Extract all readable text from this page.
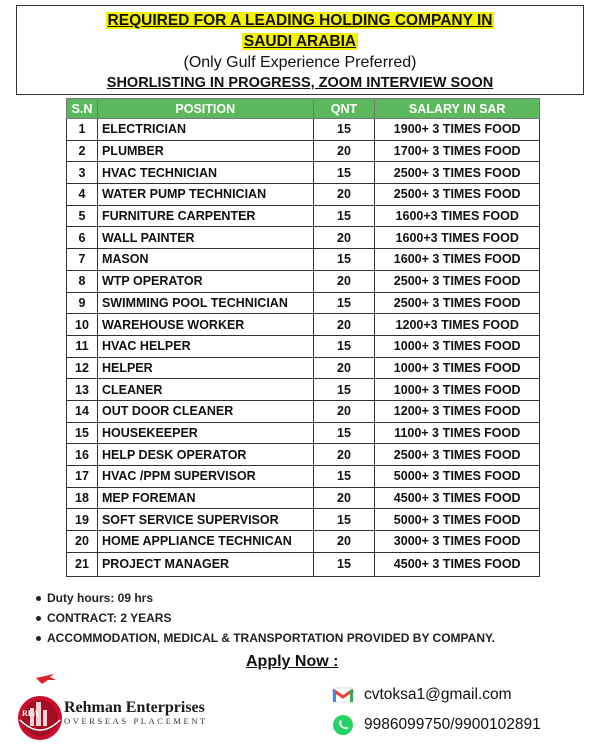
REQUIRED FOR A LEADING HOLDING COMPANY IN
SAUDI ARABIA
(Only Gulf Experience Preferred)
SHORLISTING IN PROGRESS, ZOOM INTERVIEW SOON
S.N	POSITION	QNT	SALARY IN SAR
1	ELECTRICIAN	15	1900+ 3 TIMES FOOD
2	PLUMBER	20	1700+ 3 TIMES FOOD
3	HVAC TECHNICIAN	15	2500+ 3 TIMES FOOD
4	WATER PUMP TECHNICIAN	20	2500+ 3 TIMES FOOD
5	FURNITURE CARPENTER	15	1600+3 TIMES FOOD
6	WALL PAINTER	20	1600+3 TIMES FOOD
7	MASON	15	1600+ 3 TIMES FOOD
8	WTP OPERATOR	20	2500+ 3 TIMES FOOD
9	SWIMMING POOL TECHNICIAN	15	2500+ 3 TIMES FOOD
10	WAREHOUSE WORKER	20	1200+3 TIMES FOOD
11	HVAC HELPER	15	1000+ 3 TIMES FOOD
12	HELPER	20	1000+ 3 TIMES FOOD
13	CLEANER	15	1000+ 3 TIMES FOOD
14	OUT DOOR CLEANER	20	1200+ 3 TIMES FOOD
15	HOUSEKEEPER	15	1100+ 3 TIMES FOOD
16	HELP DESK OPERATOR	20	2500+ 3 TIMES FOOD
17	HVAC /PPM SUPERVISOR	15	5000+ 3 TIMES FOOD
18	MEP FOREMAN	20	4500+ 3 TIMES FOOD
19	SOFT SERVICE SUPERVISOR	15	5000+ 3 TIMES FOOD
20	HOME APPLIANCE TECHNICAN	20	3000+ 3 TIMES FOOD
21	PROJECT MANAGER	15	4500+ 3 TIMES FOOD
Duty hours: 09 hrs
CONTRACT: 2 YEARS
ACCOMMODATION, MEDICAL & TRANSPORTATION PROVIDED BY COMPANY.
Apply Now :
REA Rehman Enterprises
OVERSEAS PLACEMENT
cvtoksa1@gmail.com
9986099750/9900102891
